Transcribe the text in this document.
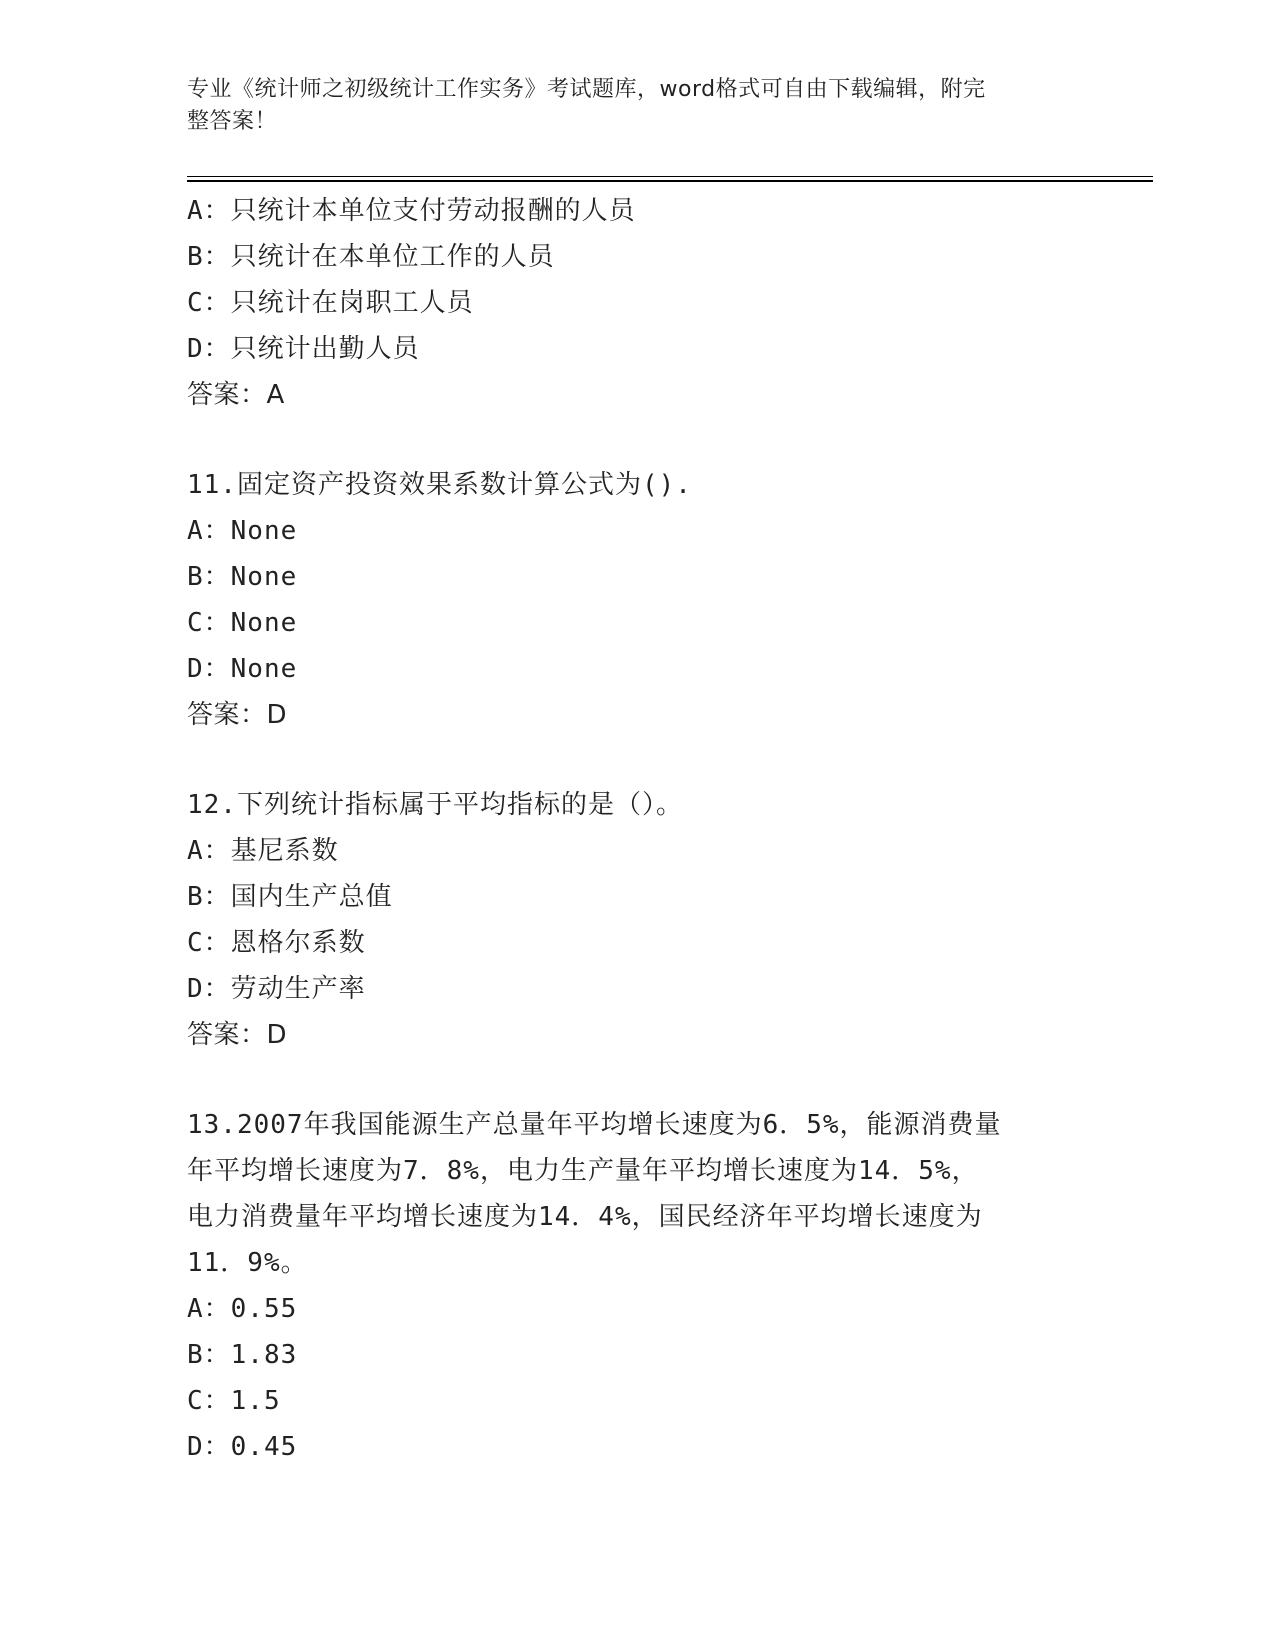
专业《统计师之初级统计工作实务》考试题库，word格式可自由下载编辑，附完
整答案！
A：只统计本单位支付劳动报酬的人员
B：只统计在本单位工作的人员
C：只统计在岗职工人员
D：只统计出勤人员
答案：A
11.固定资产投资效果系数计算公式为().
A：None
B：None
C：None
D：None
答案：D
12.下列统计指标属于平均指标的是（）。
A：基尼系数
B：国内生产总值
C：恩格尔系数
D：劳动生产率
答案：D
13.2007年我国能源生产总量年平均增长速度为6．5%，能源消费量
年平均增长速度为7．8%，电力生产量年平均增长速度为14．5%，
电力消费量年平均增长速度为14．4%，国民经济年平均增长速度为
11．9%。
A：0.55
B：1.83
C：1.5
D：0.45
